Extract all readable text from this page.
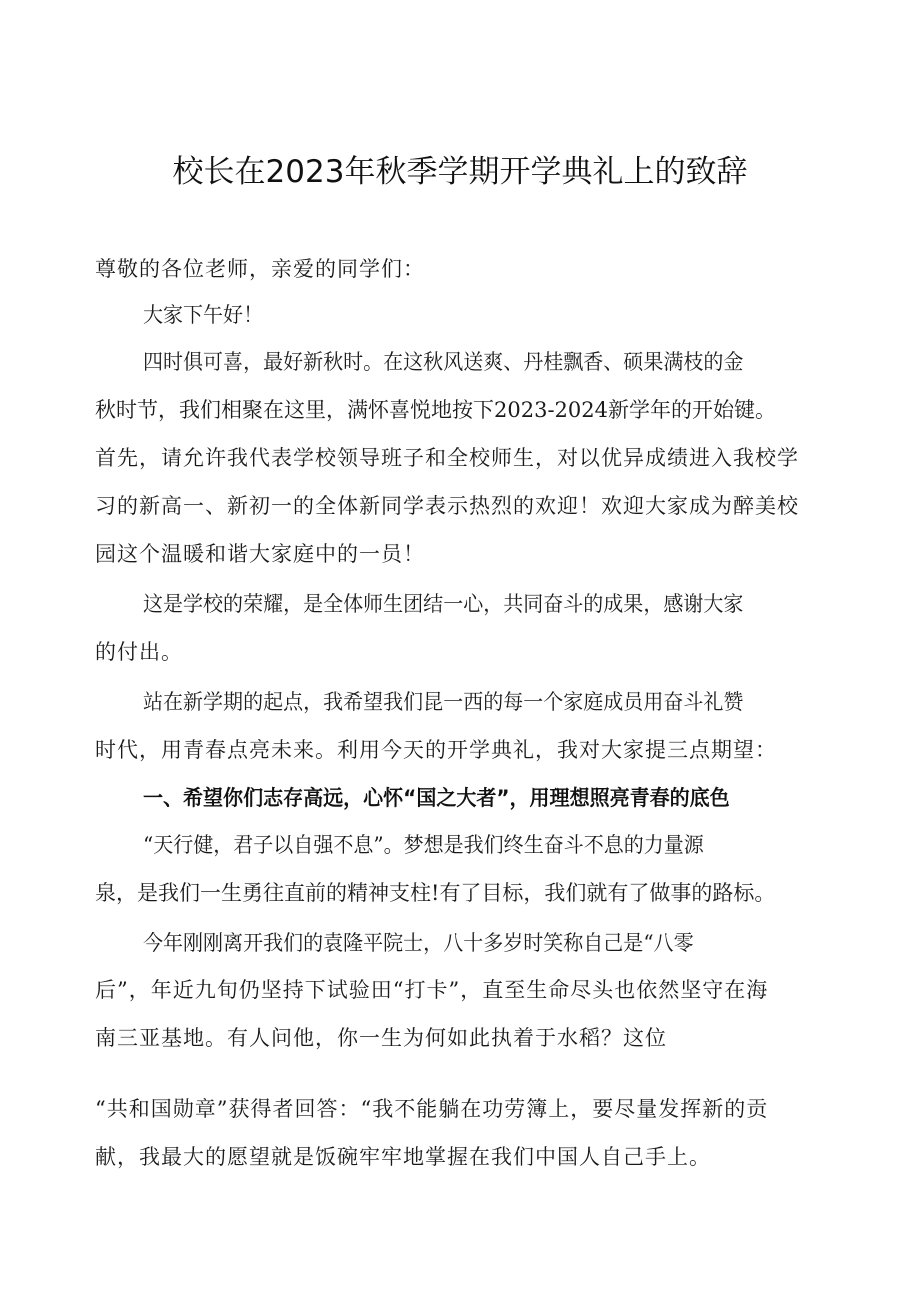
校长在2023年秋季学期开学典礼上的致辞

尊敬的各位老师，亲爱的同学们：

大家下午好！

四时俱可喜，最好新秋时。在这秋风送爽、丹桂飘香、硕果满枝的金

秋时节，我们相聚在这里，满怀喜悦地按下2023-2024新学年的开始键。

首先，请允许我代表学校领导班子和全校师生，对以优异成绩进入我校学

习的新高一、新初一的全体新同学表示热烈的欢迎！欢迎大家成为醉美校

园这个温暖和谐大家庭中的一员！

这是学校的荣耀，是全体师生团结一心，共同奋斗的成果，感谢大家

的付出。

站在新学期的起点，我希望我们昆一西的每一个家庭成员用奋斗礼赞

时代，用青春点亮未来。利用今天的开学典礼，我对大家提三点期望：

一、希望你们志存高远，心怀“国之大者”，用理想照亮青春的底色

“天行健，君子以自强不息”。梦想是我们终生奋斗不息的力量源

泉，是我们一生勇往直前的精神支柱!有了目标，我们就有了做事的路标。

今年刚刚离开我们的袁隆平院士，八十多岁时笑称自己是“八零

后”，年近九旬仍坚持下试验田“打卡”，直至生命尽头也依然坚守在海

南三亚基地。有人问他，你一生为何如此执着于水稻？这位

“共和国勋章”获得者回答：“我不能躺在功劳簿上，要尽量发挥新的贡

献，我最大的愿望就是饭碗牢牢地掌握在我们中国人自己手上。
